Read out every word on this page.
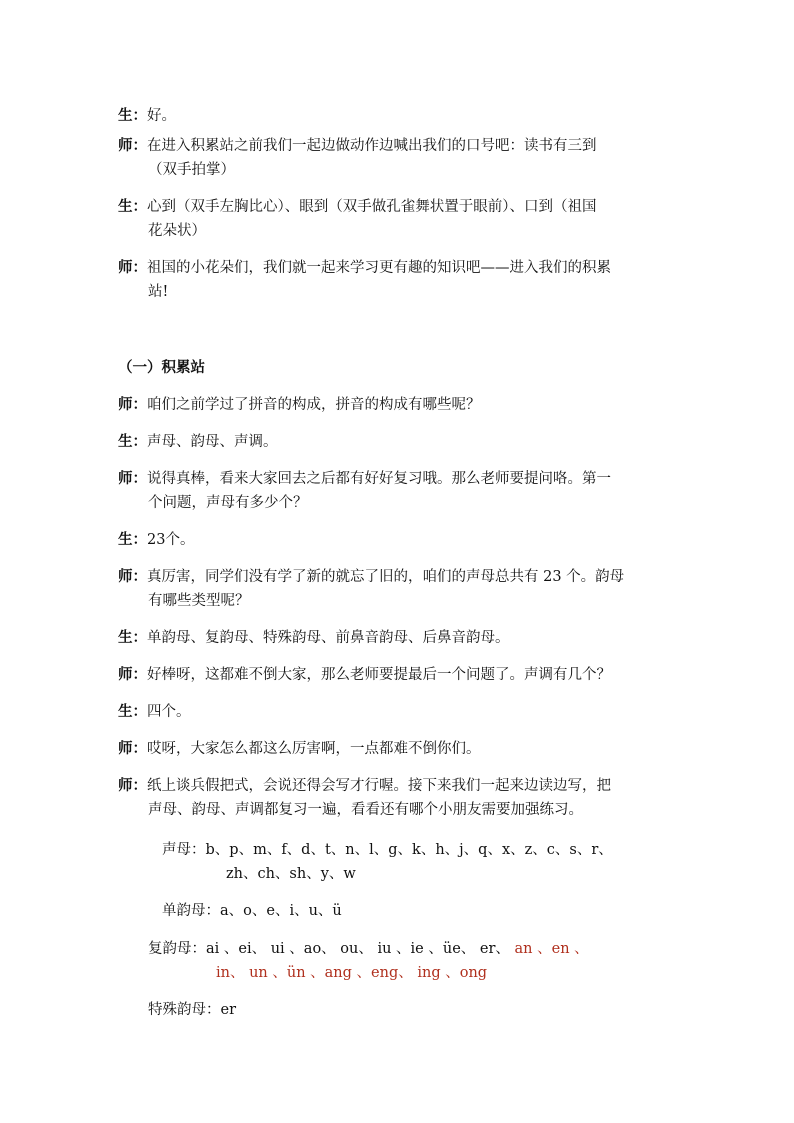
生：好。
师：在进入积累站之前我们一起边做动作边喊出我们的口号吧：读书有三到
（双手拍掌）
生：心到（双手左胸比心）、眼到（双手做孔雀舞状置于眼前）、口到（祖国
花朵状）
师：祖国的小花朵们，我们就一起来学习更有趣的知识吧——进入我们的积累
站!
（一）积累站
师：咱们之前学过了拼音的构成，拼音的构成有哪些呢？
生：声母、韵母、声调。
师：说得真棒，看来大家回去之后都有好好复习哦。那么老师要提问咯。第一
个问题，声母有多少个？
生：23个。
师：真厉害，同学们没有学了新的就忘了旧的，咱们的声母总共有 23 个。韵母
有哪些类型呢？
生：单韵母、复韵母、特殊韵母、前鼻音韵母、后鼻音韵母。
师：好棒呀，这都难不倒大家，那么老师要提最后一个问题了。声调有几个？
生：四个。
师：哎呀，大家怎么都这么厉害啊，一点都难不倒你们。
师：纸上谈兵假把式，会说还得会写才行喔。接下来我们一起来边读边写，把
声母、韵母、声调都复习一遍，看看还有哪个小朋友需要加强练习。
声母：b、p、m、f、d、t、n、l、g、k、h、j、q、x、z、c、s、r、
zh、ch、sh、y、w
单韵母：a、o、e、i、u、ü
复韵母：ai 、ei、 ui 、ao、 ou、 iu 、ie 、üe、 er、 an 、en 、
in、 un 、ün 、ang 、eng、 ing 、ong
特殊韵母：er
